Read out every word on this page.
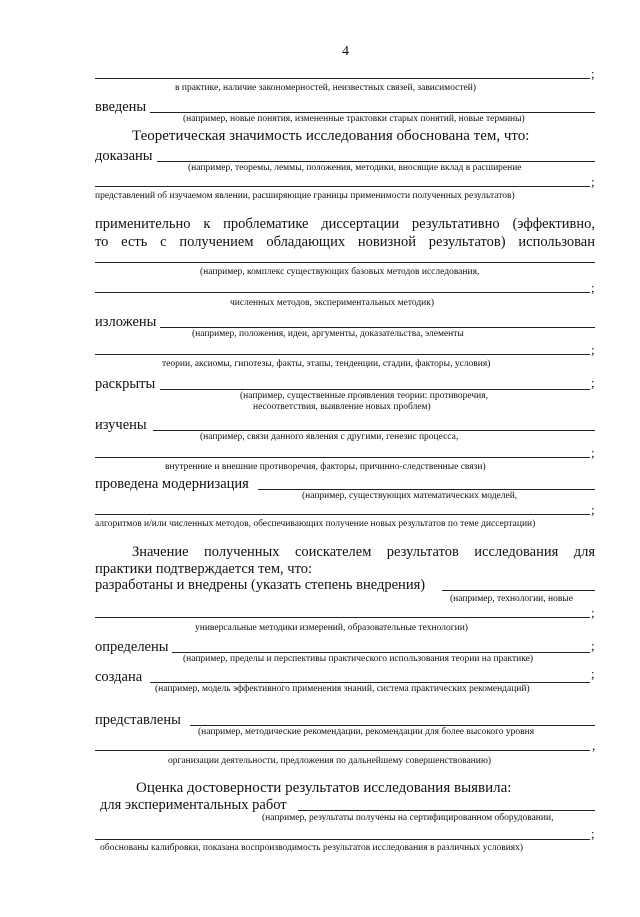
4
;
в практике, наличие закономерностей, неизвестных связей, зависимостей)
введены
(например, новые понятия, измененные трактовки старых понятий, новые термины)
Теоретическая значимость исследования обоснована тем, что:
доказаны
(например, теоремы, леммы, положения, методики, вносящие вклад в расширение
;
представлений об изучаемом явлении, расширяющие границы применимости полученных результатов)
применительно к проблематике диссертации результативно (эффективно,
то есть с получением обладающих новизной результатов) использован
(например, комплекс существующих базовых методов исследования,
;
численных методов, экспериментальных методик)
изложены
(например, положения, идеи, аргументы, доказательства, элементы
;
теории, аксиомы, гипотезы, факты, этапы, тенденции, стадии, факторы, условия)
раскрыты	;
(например, существенные проявления теории: противоречия,
несоответствия, выявление новых проблем)
изучены
(например, связи данного явления с другими, генезис процесса,
;
внутренние и внешние противоречия, факторы, причинно-следственные связи)
проведена модернизация
(например, существующих математических моделей,
;
алгоритмов и/или численных методов, обеспечивающих получение новых результатов по теме диссертации)
Значение полученных соискателем результатов исследования для
практики подтверждается тем, что:
разработаны и внедрены (указать степень внедрения)
(например, технологии, новые
;
универсальные методики измерений, образовательные технологии)
определены	;
(например, пределы и перспективы практического использования теории на практике)
создана	;
(например, модель эффективного применения знаний, система практических рекомендаций)
представлены
(например, методические рекомендации, рекомендации для более высокого уровня
,
организации деятельности, предложения по дальнейшему совершенствованию)
Оценка достоверности результатов исследования выявила:
для экспериментальных работ
(например, результаты получены на сертифицированном оборудовании,
;
обоснованы калибровки, показана воспроизводимость результатов исследования в различных условиях)
